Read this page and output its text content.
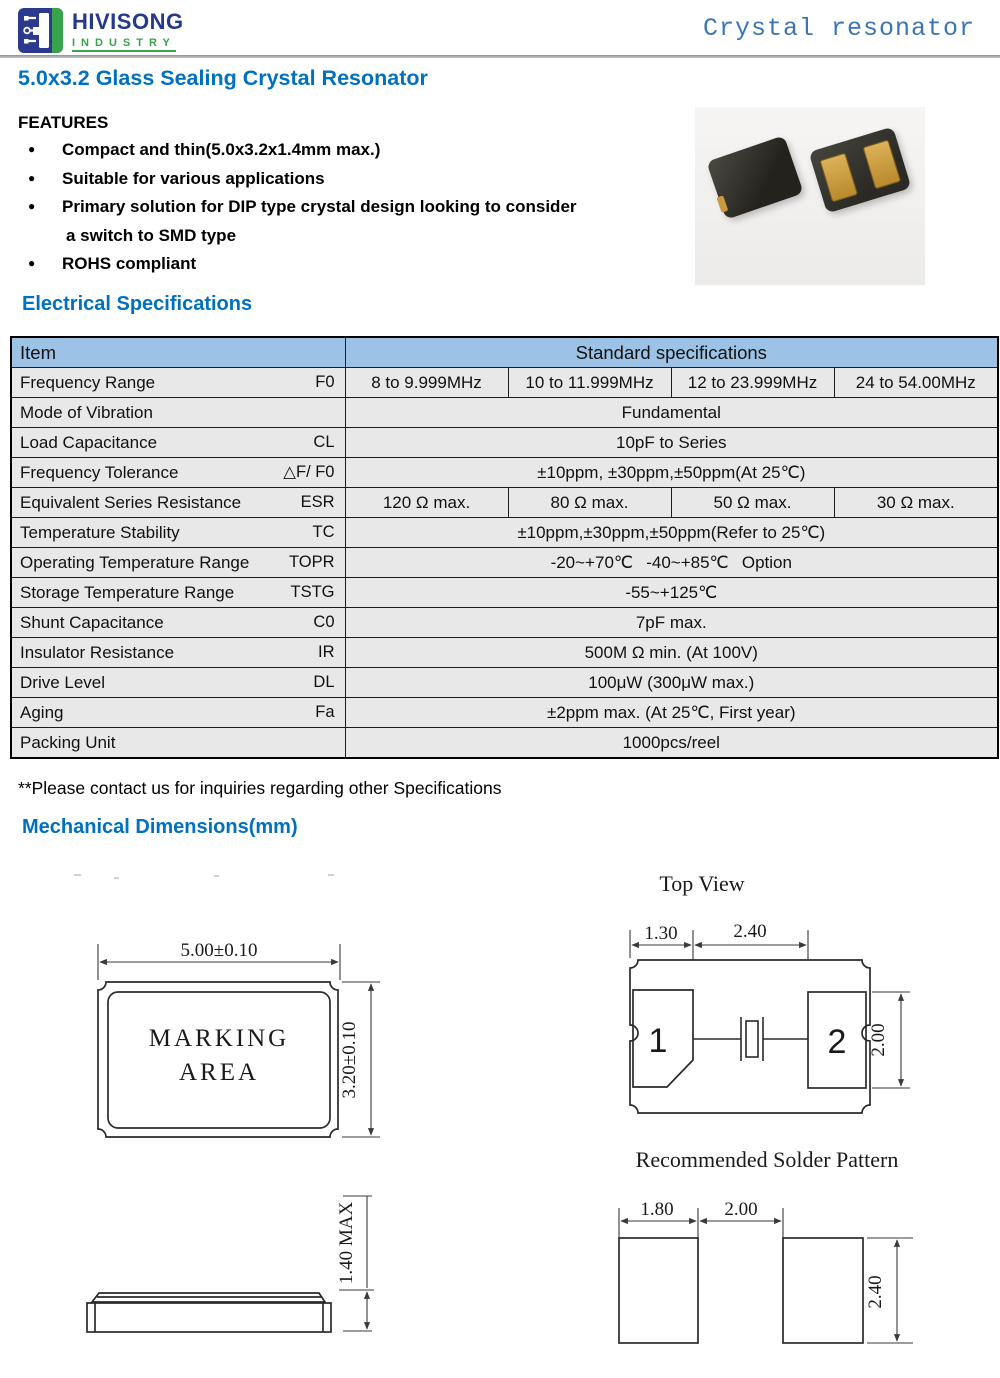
HIVISONG
INDUSTRY
Crystal resonator
5.0x3.2 Glass Sealing Crystal Resonator
FEATURES
● Compact and thin(5.0x3.2x1.4mm max.)
● Suitable for various applications
● Primary solution for DIP type crystal design looking to consider
a switch to SMD type
● ROHS compliant
Electrical Specifications
Item	Standard specifications			

Frequency Range F0	8 to 9.999MHz	10 to 11.999MHz	12 to 23.999MHz	24 to 54.00MHz

Mode of Vibration	Fundamental			

Load Capacitance CL	10pF to Series			

Frequency Tolerance △F/ F0	±10ppm, ±30ppm,±50ppm(At 25℃)			

Equivalent Series Resistance ESR	120 Ω max.	80 Ω max.	50 Ω max.	30 Ω max.

Temperature Stability TC	±10ppm,±30ppm,±50ppm(Refer to 25℃)			

Operating Temperature Range TOPR	-20~+70℃  -40~+85℃  Option			

Storage Temperature Range TSTG	-55~+125℃			

Shunt Capacitance C0	7pF max.			

Insulator Resistance IR	500M Ω min. (At 100V)			

Drive Level DL	100μW (300μW max.)			

Aging Fa	±2ppm max. (At 25℃, First year)			

Packing Unit	1000pcs/reel			
**Please contact us for inquiries regarding other Specifications
Mechanical Dimensions(mm)
5.00±0.10
MARKING
AREA	3.20±0.10
Top View
1.30	2.40
1	2 2.00
1.40 MAX
Recommended Solder Pattern
1.80	2.00
2.40
